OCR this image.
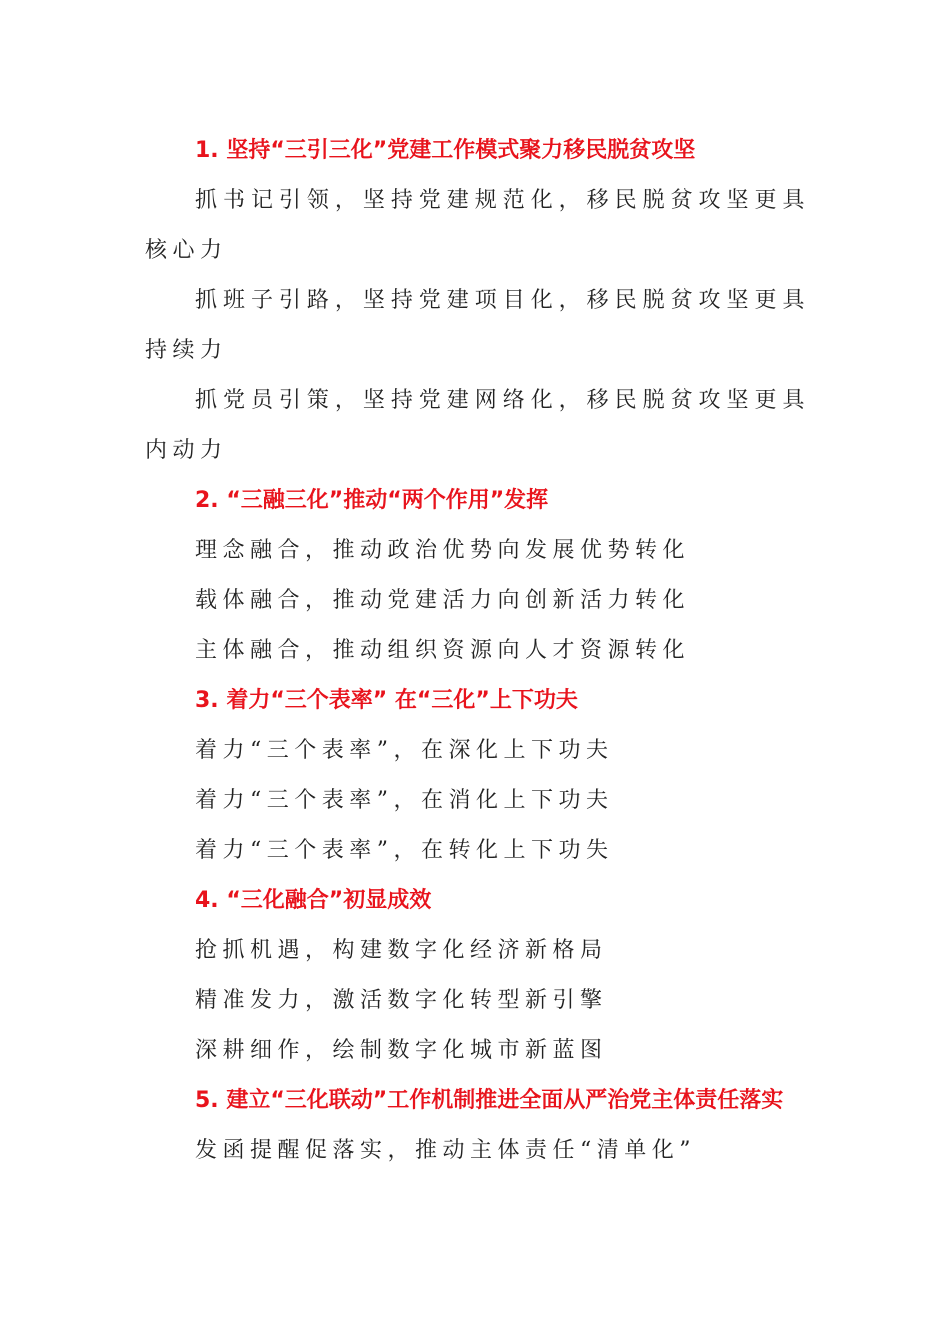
1. 坚持“三引三化”党建工作模式聚力移民脱贫攻坚
抓书记引领，坚持党建规范化，移民脱贫攻坚更具核心力
抓班子引路，坚持党建项目化，移民脱贫攻坚更具持续力
抓党员引策，坚持党建网络化，移民脱贫攻坚更具内动力
2. “三融三化”推动“两个作用”发挥
理念融合，推动政治优势向发展优势转化
载体融合，推动党建活力向创新活力转化
主体融合，推动组织资源向人才资源转化
3. 着力“三个表率” 在“三化”上下功夫
着力“三个表率”，在深化上下功夫
着力“三个表率”，在消化上下功夫
着力“三个表率”，在转化上下功失
4. “三化融合”初显成效
抢抓机遇，构建数字化经济新格局
精准发力，激活数字化转型新引擎
深耕细作，绘制数字化城市新蓝图
5. 建立“三化联动”工作机制推进全面从严治党主体责任落实
发函提醒促落实，推动主体责任“清单化”
